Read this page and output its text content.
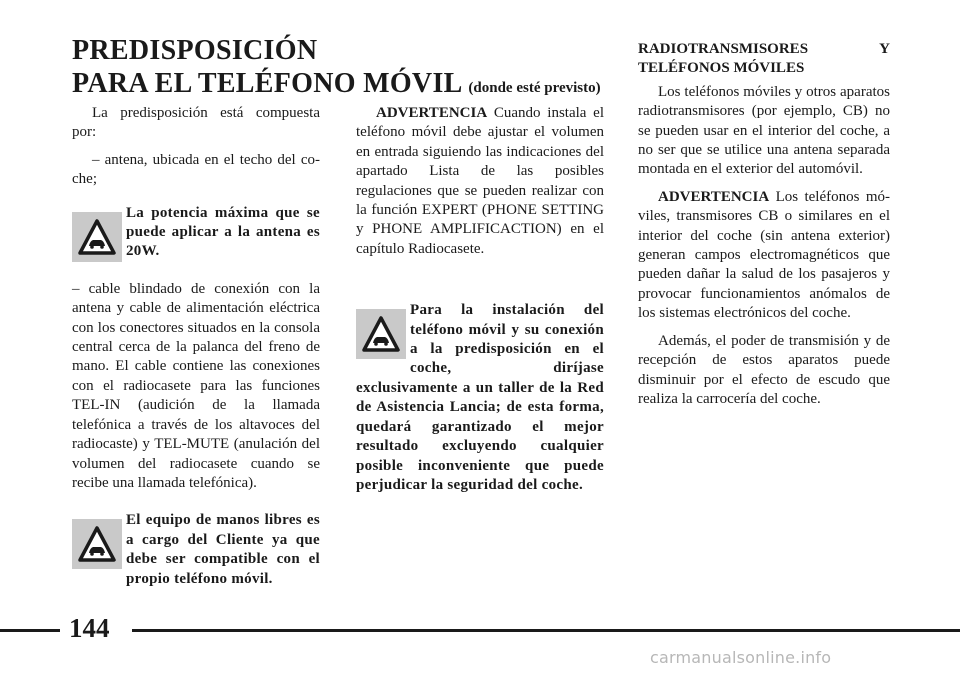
PREDISPOSICIÓN
PARA EL TELÉFONO MÓVIL (donde esté previsto)

La predisposición está compuesta por:

– antena, ubicada en el techo del coche;

La potencia máxima que se puede aplicar a la antena es 20W.

– cable blindado de conexión con la antena y cable de alimentación eléctrica con los conectores situados en la consola central cerca de la palanca del freno de mano. El cable contiene las conexiones con el radiocasete para las funciones TEL-IN (audición de la llamada telefónica a través de los altavoces del radiocaste) y TEL-MUTE (anulación del volumen del radiocasete cuando se recibe una llamada telefónica).

El equipo de manos libres es a cargo del Cliente ya que debe ser compatible con el propio teléfono móvil.

ADVERTENCIA Cuando instala el teléfono móvil debe ajustar el volumen en entrada siguiendo las indicaciones del apartado Lista de las posibles regulaciones que se pueden realizar con la función EXPERT (PHONE SETTING y PHONE AMPLIFICACTION) en el capítulo Radiocasete.

Para la instalación del teléfono móvil y su conexión a la predisposición en el coche, diríjase exclusivamente a un taller de la Red de Asistencia Lancia; de esta forma, quedará garantizado el mejor resultado excluyendo cualquier posible inconveniente que puede perjudicar la seguridad del coche.

RADIOTRANSMISORES Y TELÉFONOS MÓVILES

Los teléfonos móviles y otros aparatos radiotransmisores (por ejemplo, CB) no se pueden usar en el interior del coche, a no ser que se utilice una antena separada montada en el exterior del automóvil.

ADVERTENCIA Los teléfonos móviles, transmisores CB o similares en el interior del coche (sin antena exterior) generan campos electromagnéticos que pueden dañar la salud de los pasajeros y provocar funcionamientos anómalos de los sistemas electrónicos del coche.

Además, el poder de transmisión y de recepción de estos aparatos puede disminuir por el efecto de escudo que realiza la carrocería del coche.

144
carmanualsonline.info
